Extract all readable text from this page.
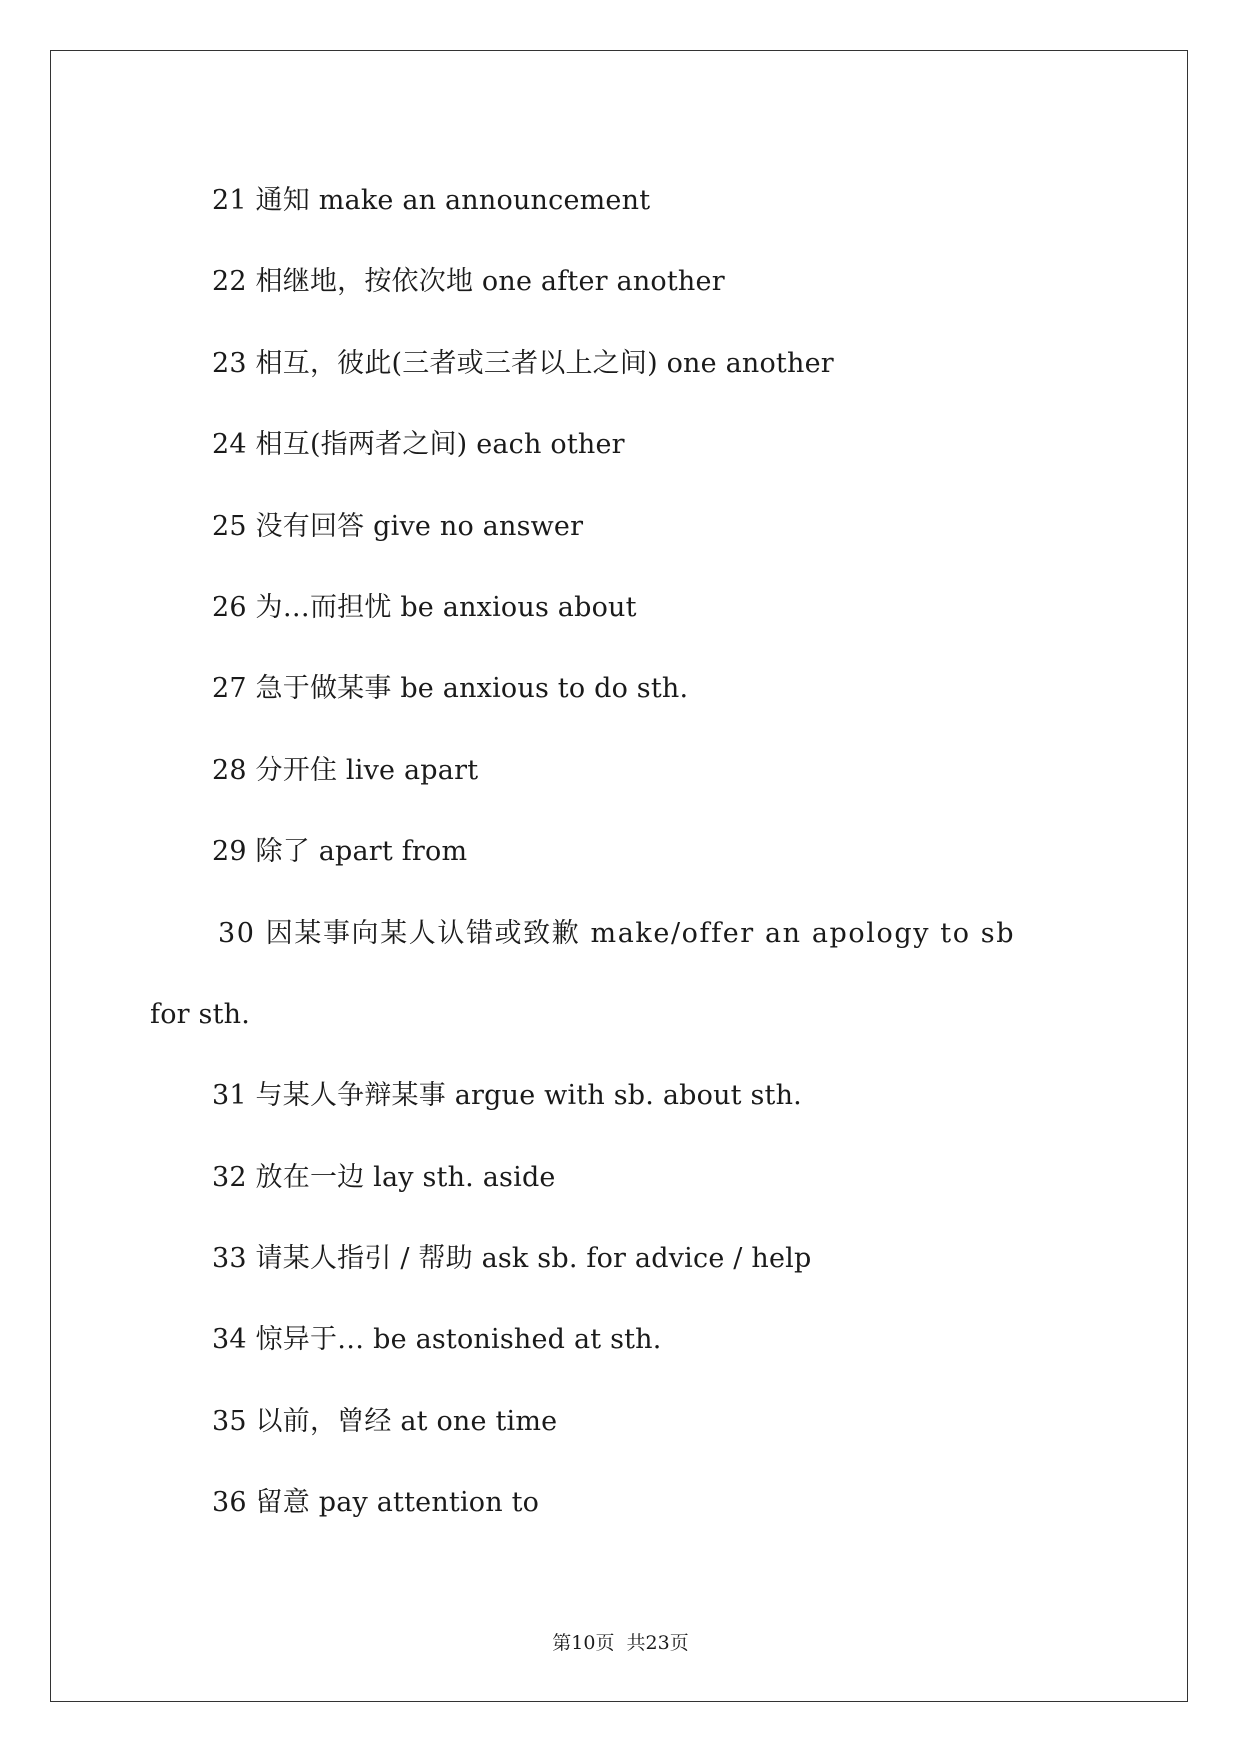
21 通知 make an announcement
22 相继地，按依次地 one after another
23 相互，彼此(三者或三者以上之间) one another
24 相互(指两者之间) each other
25 没有回答 give no answer
26 为…而担忧 be anxious about
27 急于做某事 be anxious to do sth.
28 分开住 live apart
29 除了 apart from
30 因某事向某人认错或致歉 make/offer an apology to sb
for sth.
31 与某人争辩某事 argue with sb. about sth.
32 放在一边 lay sth. aside
33 请某人指引 / 帮助 ask sb. for advice / help
34 惊异于… be astonished at sth.
35 以前，曾经 at one time
36 留意 pay attention to
第10页 共23页
